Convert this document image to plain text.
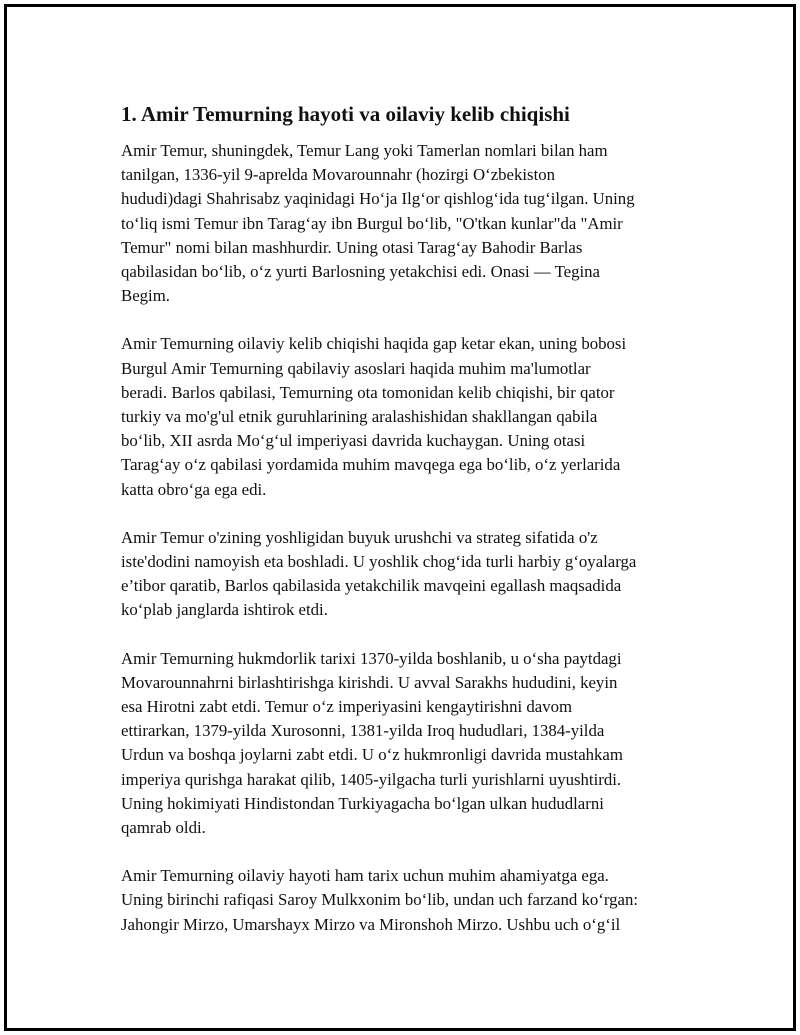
1. Amir Temurning hayoti va oilaviy kelib chiqishi
Amir Temur, shuningdek, Temur Lang yoki Tamerlan nomlari bilan ham
tanilgan, 1336-yil 9-aprelda Movarounnahr (hozirgi O‘zbekiston
hududi)dagi Shahrisabz yaqinidagi Ho‘ja Ilg‘or qishlog‘ida tug‘ilgan. Uning
to‘liq ismi Temur ibn Tarag‘ay ibn Burgul bo‘lib, "O'tkan kunlar"da "Amir
Temur" nomi bilan mashhurdir. Uning otasi Tarag‘ay Bahodir Barlas
qabilasidan bo‘lib, o‘z yurti Barlosning yetakchisi edi. Onasi — Tegina
Begim.
Amir Temurning oilaviy kelib chiqishi haqida gap ketar ekan, uning bobosi
Burgul Amir Temurning qabilaviy asoslari haqida muhim ma'lumotlar
beradi. Barlos qabilasi, Temurning ota tomonidan kelib chiqishi, bir qator
turkiy va mo'g'ul etnik guruhlarining aralashishidan shakllangan qabila
bo‘lib, XII asrda Mo‘g‘ul imperiyasi davrida kuchaygan. Uning otasi
Tarag‘ay o‘z qabilasi yordamida muhim mavqega ega bo‘lib, o‘z yerlarida
katta obro‘ga ega edi.
Amir Temur o'zining yoshligidan buyuk urushchi va strateg sifatida o'z
iste'dodini namoyish eta boshladi. U yoshlik chog‘ida turli harbiy g‘oyalarga
e’tibor qaratib, Barlos qabilasida yetakchilik mavqeini egallash maqsadida
ko‘plab janglarda ishtirok etdi.
Amir Temurning hukmdorlik tarixi 1370-yilda boshlanib, u o‘sha paytdagi
Movarounnahrni birlashtirishga kirishdi. U avval Sarakhs hududini, keyin
esa Hirotni zabt etdi. Temur o‘z imperiyasini kengaytirishni davom
ettirarkan, 1379-yilda Xurosonni, 1381-yilda Iroq hududlari, 1384-yilda
Urdun va boshqa joylarni zabt etdi. U o‘z hukmronligi davrida mustahkam
imperiya qurishga harakat qilib, 1405-yilgacha turli yurishlarni uyushtirdi.
Uning hokimiyati Hindistondan Turkiyagacha bo‘lgan ulkan hududlarni
qamrab oldi.
Amir Temurning oilaviy hayoti ham tarix uchun muhim ahamiyatga ega.
Uning birinchi rafiqasi Saroy Mulkxonim bo‘lib, undan uch farzand ko‘rgan:
Jahongir Mirzo, Umarshayx Mirzo va Mironshoh Mirzo. Ushbu uch o‘g‘il
